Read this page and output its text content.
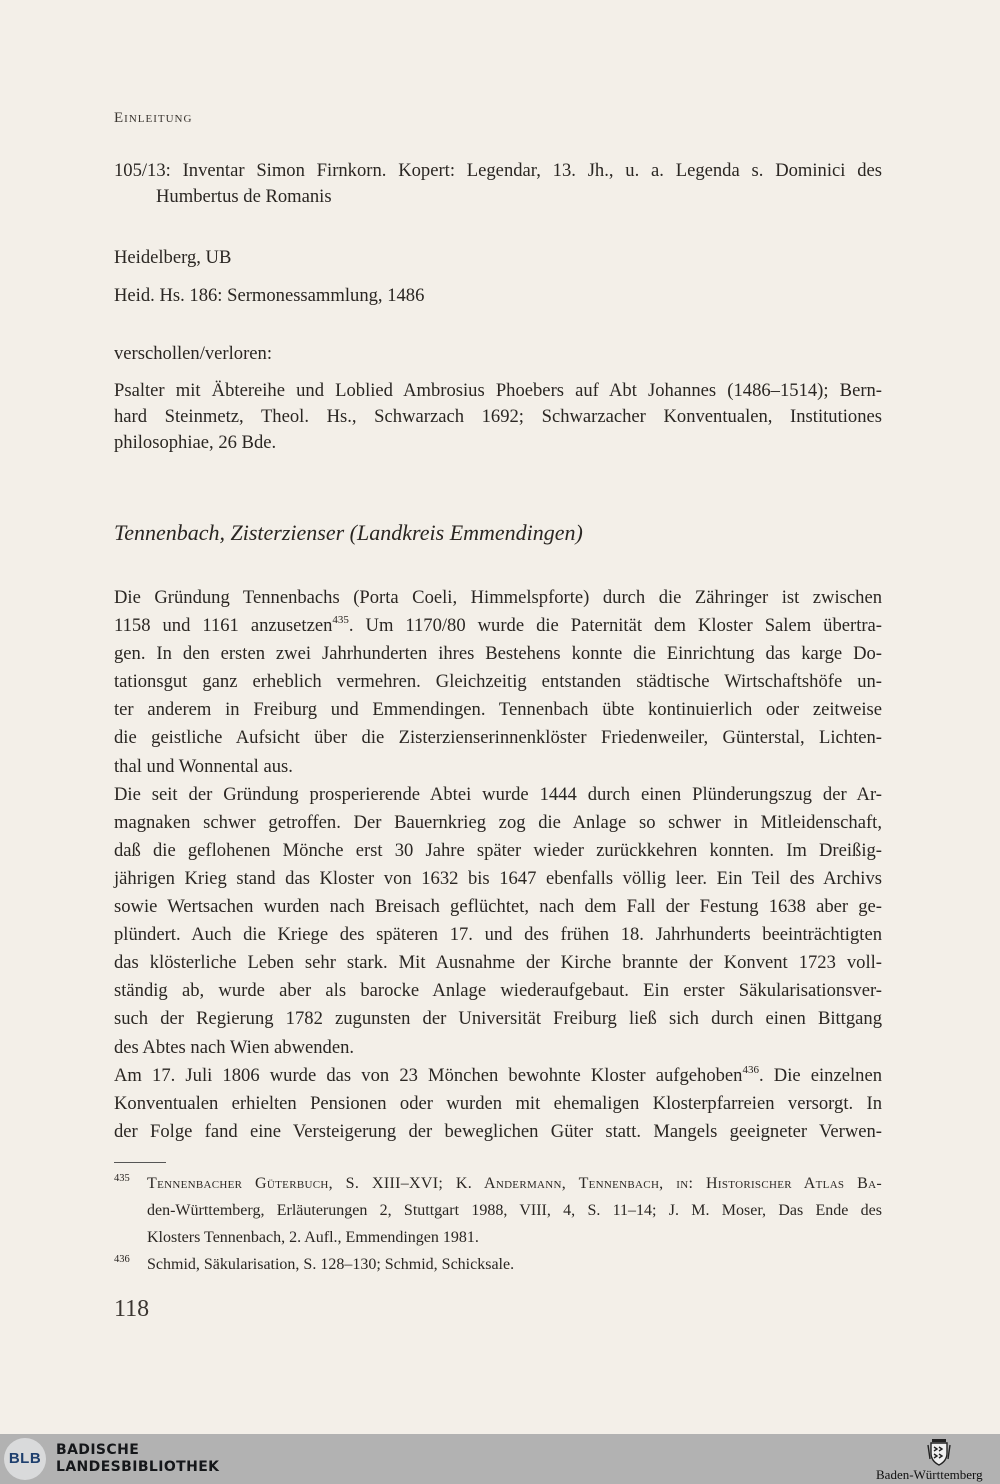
Einleitung
105/13: Inventar Simon Firnkorn. Kopert: Legendar, 13. Jh., u. a. Legenda s. Dominici des
Humbertus de Romanis
Heidelberg, UB
Heid. Hs. 186: Sermonessammlung, 1486
verschollen/verloren:
Psalter mit Äbtereihe und Loblied Ambrosius Phoebers auf Abt Johannes (1486–1514); Bern-
hard Steinmetz, Theol. Hs., Schwarzach 1692; Schwarzacher Konventualen, Institutiones
philosophiae, 26 Bde.
Tennenbach, Zisterzienser (Landkreis Emmendingen)
Die Gründung Tennenbachs (Porta Coeli, Himmelspforte) durch die Zähringer ist zwischen
1158 und 1161 anzusetzen$^{435}$. Um 1170/80 wurde die Paternität dem Kloster Salem übertra-
gen. In den ersten zwei Jahrhunderten ihres Bestehens konnte die Einrichtung das karge Do-
tationsgut ganz erheblich vermehren. Gleichzeitig entstanden städtische Wirtschaftshöfe un-
ter anderem in Freiburg und Emmendingen. Tennenbach übte kontinuierlich oder zeitweise
die geistliche Aufsicht über die Zisterzienserinnenklöster Friedenweiler, Günterstal, Lichten-
thal und Wonnental aus.
Die seit der Gründung prosperierende Abtei wurde 1444 durch einen Plünderungszug der Ar-
magnaken schwer getroffen. Der Bauernkrieg zog die Anlage so schwer in Mitleidenschaft,
daß die geflohenen Mönche erst 30 Jahre später wieder zurückkehren konnten. Im Dreißig-
jährigen Krieg stand das Kloster von 1632 bis 1647 ebenfalls völlig leer. Ein Teil des Archivs
sowie Wertsachen wurden nach Breisach geflüchtet, nach dem Fall der Festung 1638 aber ge-
plündert. Auch die Kriege des späteren 17. und des frühen 18. Jahrhunderts beeinträchtigten
das klösterliche Leben sehr stark. Mit Ausnahme der Kirche brannte der Konvent 1723 voll-
ständig ab, wurde aber als barocke Anlage wiederaufgebaut. Ein erster Säkularisationsver-
such der Regierung 1782 zugunsten der Universität Freiburg ließ sich durch einen Bittgang
des Abtes nach Wien abwenden.
Am 17. Juli 1806 wurde das von 23 Mönchen bewohnte Kloster aufgehoben$^{436}$. Die einzelnen
Konventualen erhielten Pensionen oder wurden mit ehemaligen Klosterpfarreien versorgt. In
der Folge fand eine Versteigerung der beweglichen Güter statt. Mangels geeigneter Verwen-
435 Tennenbacher Güterbuch, S. XIII–XVI; K. Andermann, Tennenbach, in: Historischer Atlas Ba-
den-Württemberg, Erläuterungen 2, Stuttgart 1988, VIII, 4, S. 11–14; J. M. Moser, Das Ende des
Klosters Tennenbach, 2. Aufl., Emmendingen 1981.
436 Schmid, Säkularisation, S. 128–130; Schmid, Schicksale.
118
BLB	BADISCHE
LANDESBIBLIOTHEK	Baden-Württemberg
